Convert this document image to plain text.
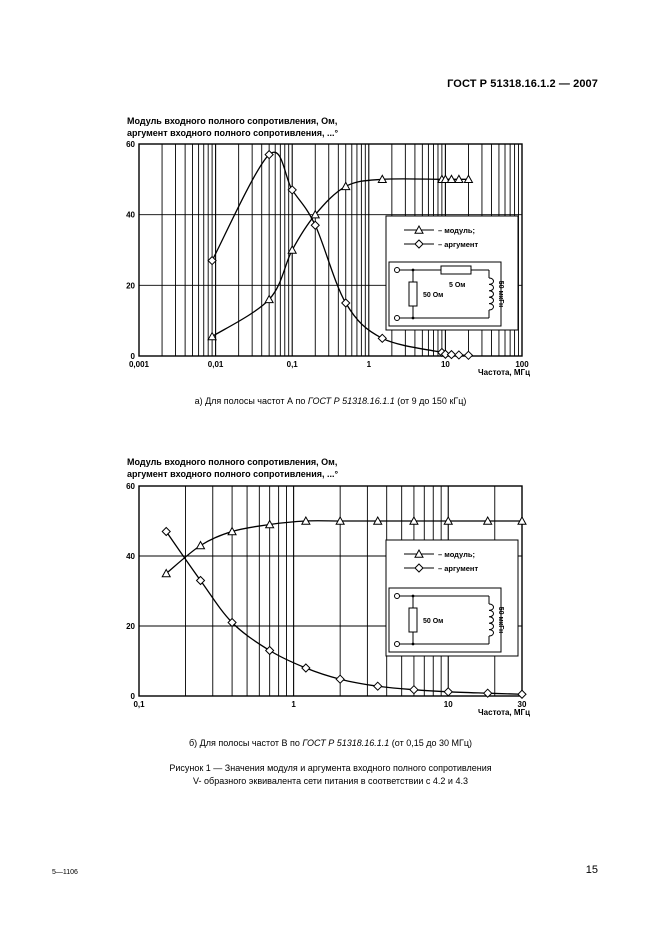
ГОСТ Р 51318.16.1.2 — 2007
Модуль входного полного сопротивления, Ом,
аргумент входного полного сопротивления, ...°
0
20
40
60
0,001	0,01	0,1	1	10	100
Частота, МГц
– модуль;
– аргумент
5 Ом
50 Ом	50 мкГн
а) Для полосы частот А по ГОСТ Р 51318.16.1.1 (от 9 до 150 кГц)
Модуль входного полного сопротивления, Ом,
аргумент входного полного сопротивления, ...°
0
20
40
60
0,1	1	10	30
Частота, МГц
– модуль;
– аргумент
50 Ом	50 мкГн
б) Для полосы частот В по ГОСТ Р 51318.16.1.1 (от 0,15 до 30 МГц)
Рисунок 1 — Значения модуля и аргумента входного полного сопротивления
V- образного эквивалента сети питания в соответствии с 4.2 и 4.3
5—1106	15
